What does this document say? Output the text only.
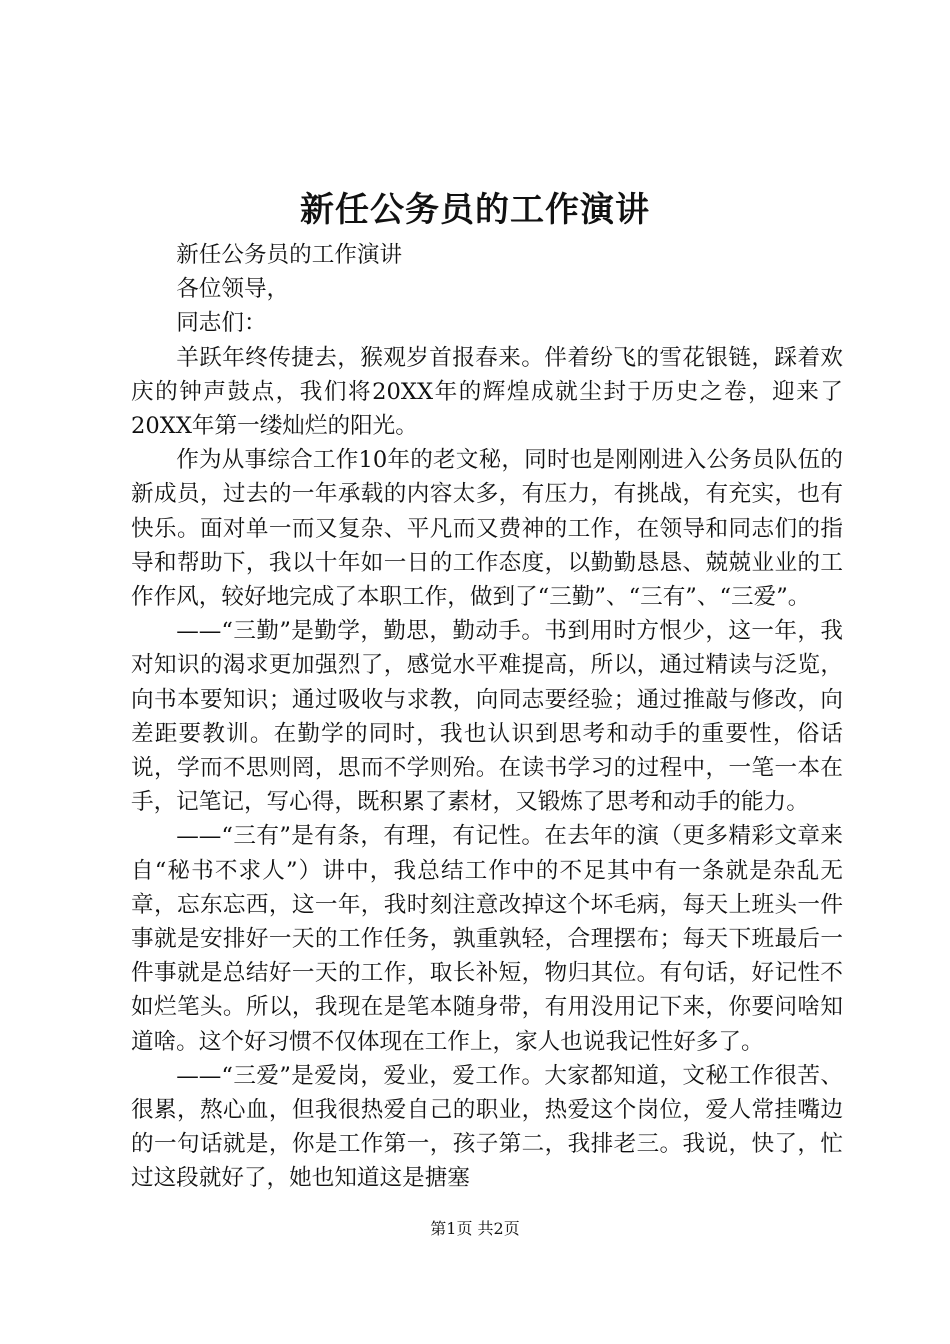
新任公务员的工作演讲

新任公务员的工作演讲

各位领导，

同志们：

羊跃年终传捷去，猴观岁首报春来。伴着纷飞的雪花银链，踩着欢庆的钟声鼓点，我们将20XX年的辉煌成就尘封于历史之卷，迎来了20XX年第一缕灿烂的阳光。

作为从事综合工作10年的老文秘，同时也是刚刚进入公务员队伍的新成员，过去的一年承载的内容太多，有压力，有挑战，有充实，也有快乐。面对单一而又复杂、平凡而又费神的工作，在领导和同志们的指导和帮助下，我以十年如一日的工作态度，以勤勤恳恳、兢兢业业的工作作风，较好地完成了本职工作，做到了“三勤”、“三有”、“三爱”。

——“三勤”是勤学，勤思，勤动手。书到用时方恨少，这一年，我对知识的渴求更加强烈了，感觉水平难提高，所以，通过精读与泛览，向书本要知识；通过吸收与求教，向同志要经验；通过推敲与修改，向差距要教训。在勤学的同时，我也认识到思考和动手的重要性，俗话说，学而不思则罔，思而不学则殆。在读书学习的过程中，一笔一本在手，记笔记，写心得，既积累了素材，又锻炼了思考和动手的能力。

——“三有”是有条，有理，有记性。在去年的演（更多精彩文章来自“秘书不求人”）讲中，我总结工作中的不足其中有一条就是杂乱无章，忘东忘西，这一年，我时刻注意改掉这个坏毛病，每天上班头一件事就是安排好一天的工作任务，孰重孰轻，合理摆布；每天下班最后一件事就是总结好一天的工作，取长补短，物归其位。有句话，好记性不如烂笔头。所以，我现在是笔本随身带，有用没用记下来，你要问啥知道啥。这个好习惯不仅体现在工作上，家人也说我记性好多了。

——“三爱”是爱岗，爱业，爱工作。大家都知道，文秘工作很苦、很累，熬心血，但我很热爱自己的职业，热爱这个岗位，爱人常挂嘴边的一句话就是，你是工作第一，孩子第二，我排老三。我说，快了，忙过这段就好了，她也知道这是搪塞

第1页 共2页
